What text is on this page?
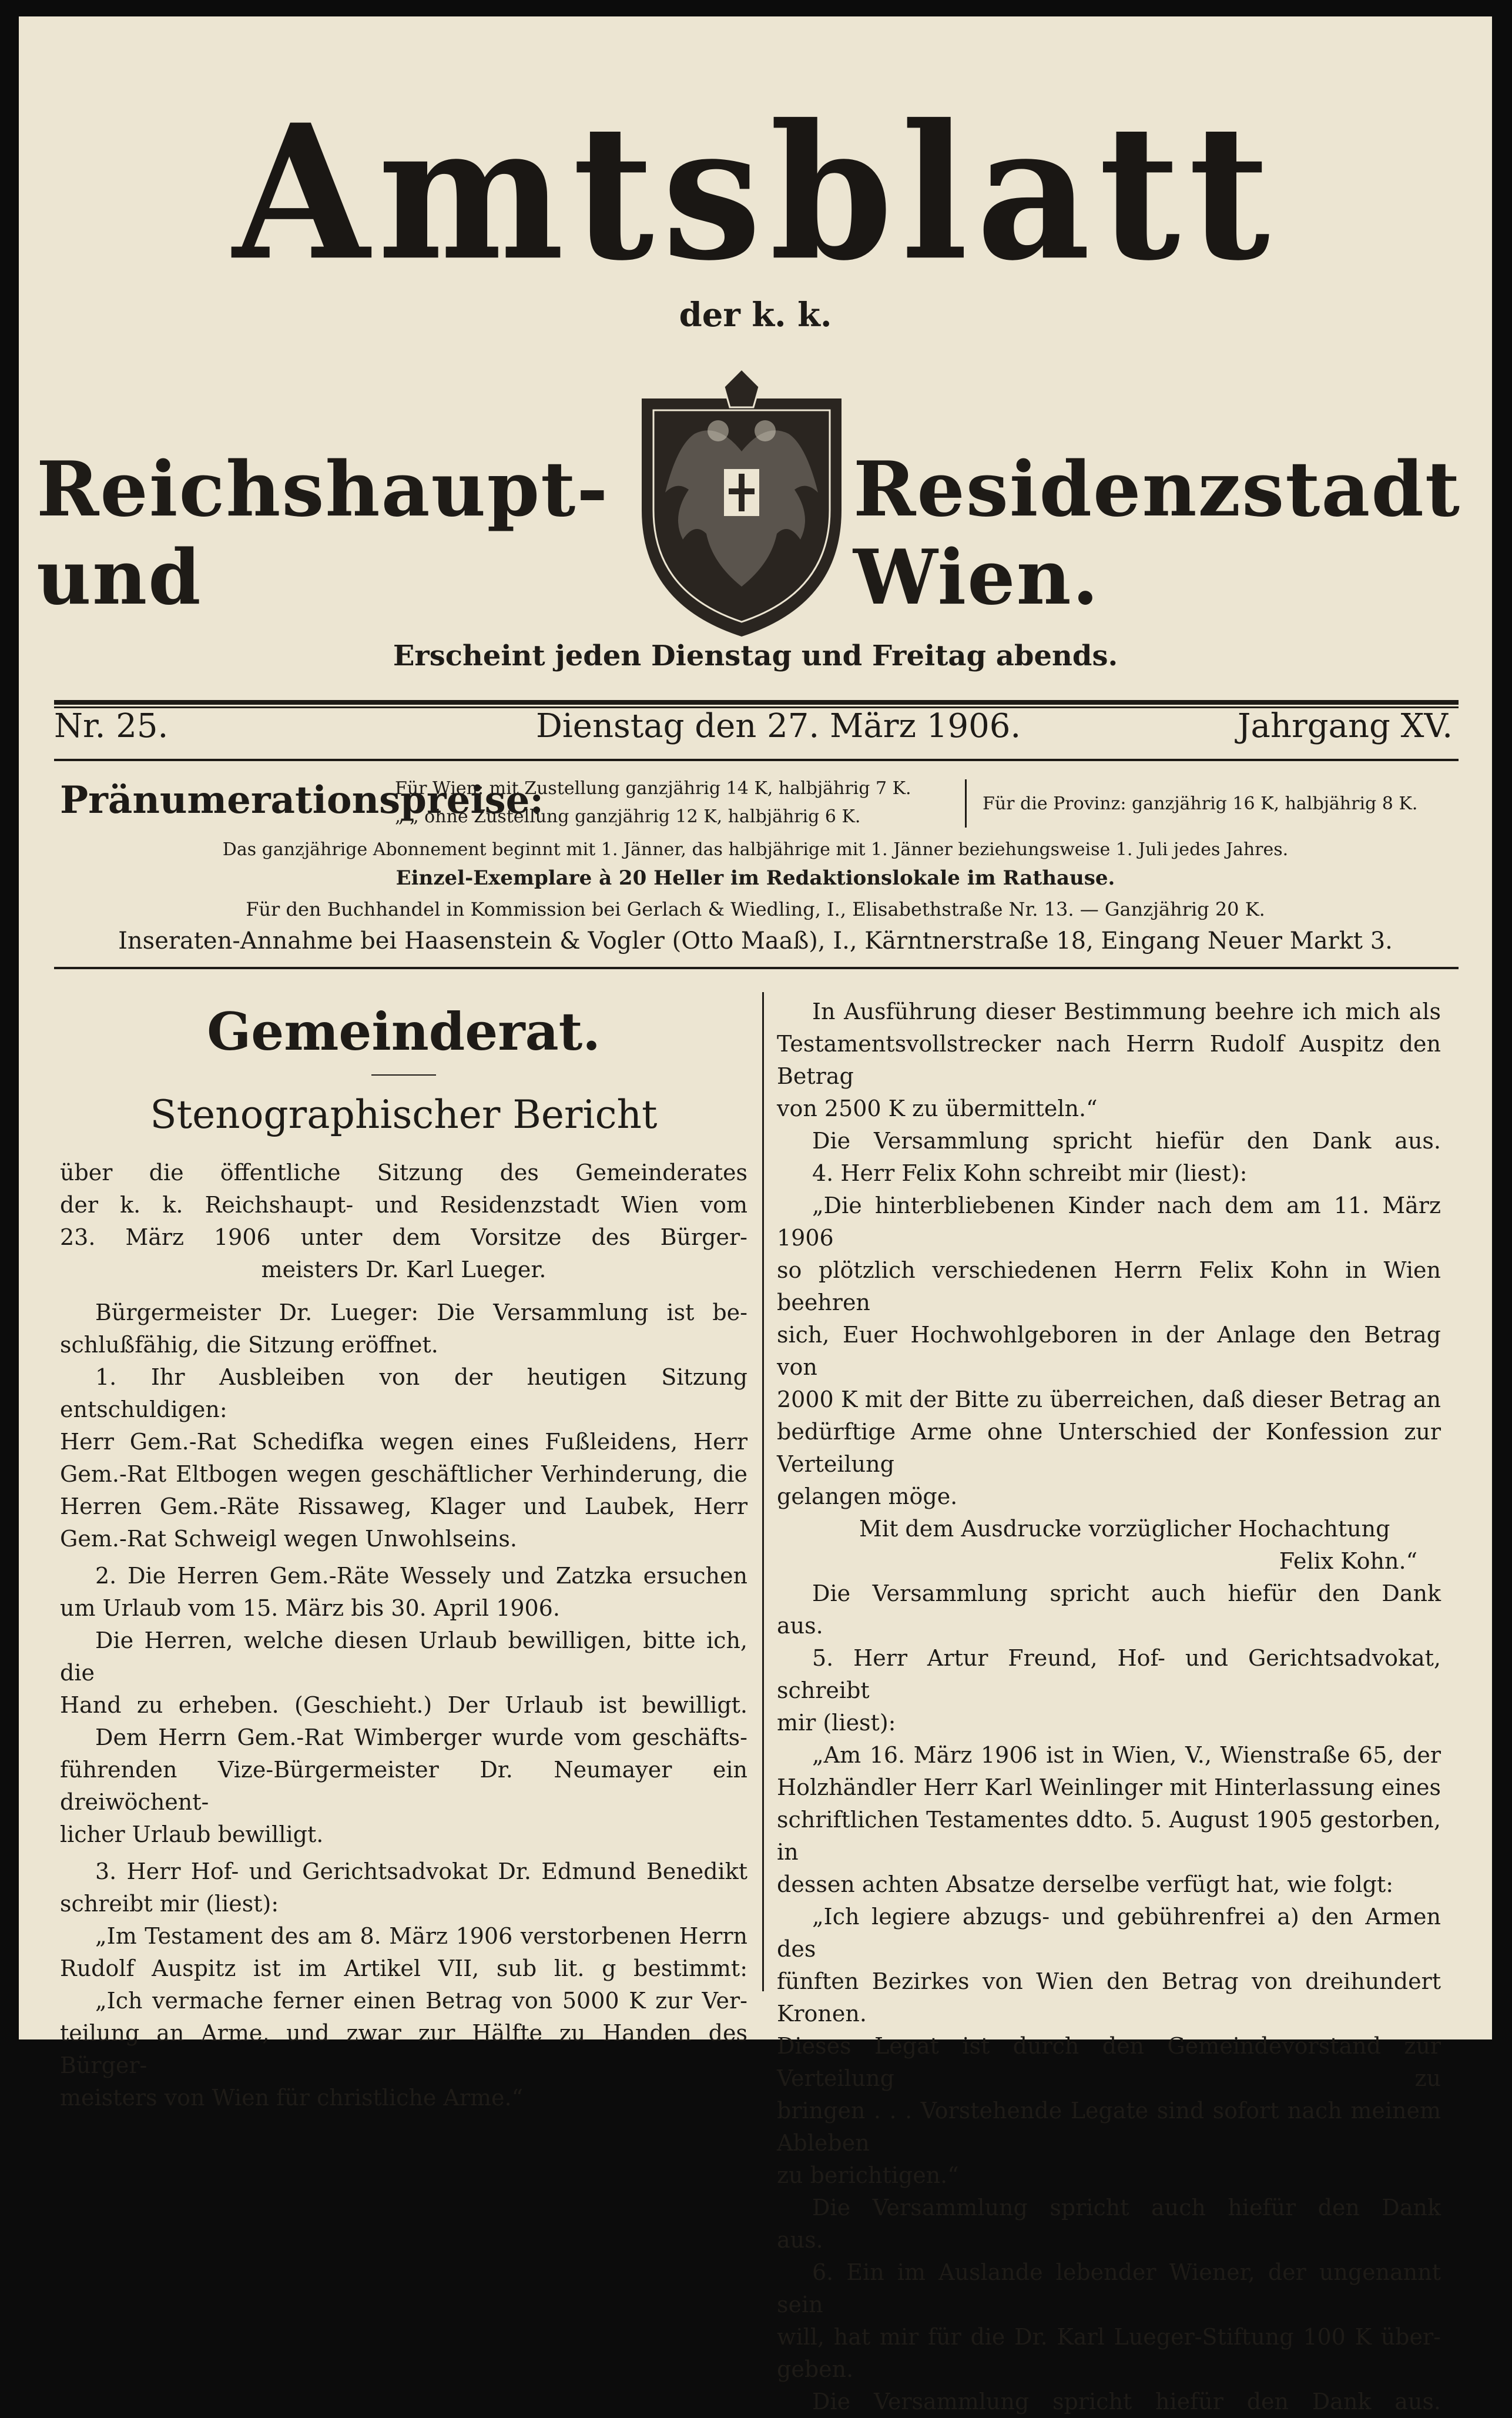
Amtsblatt
der k. k.
Reichshaupt- und
Residenzstadt Wien.
Erscheint jeden Dienstag und Freitag abends.
Nr. 25.	Dienstag den 27. März 1906.	Jahrgang XV.
Pränumerationspreise:
Für Wien: mit Zustellung ganzjährig 14 K, halbjährig 7 K.
„ „ ohne Zustellung ganzjährig 12 K, halbjährig 6 K.
Für die Provinz: ganzjährig 16 K, halbjährig 8 K.
Das ganzjährige Abonnement beginnt mit 1. Jänner, das halbjährige mit 1. Jänner beziehungsweise 1. Juli jedes Jahres.
Einzel-Exemplare à 20 Heller im Redaktionslokale im Rathause.
Für den Buchhandel in Kommission bei Gerlach & Wiedling, I., Elisabethstraße Nr. 13. — Ganzjährig 20 K.
Inseraten-Annahme bei Haasenstein & Vogler (Otto Maaß), I., Kärntnerstraße 18, Eingang Neuer Markt 3.
Gemeinderat.
Stenographischer Bericht

über die öffentliche Sitzung des Gemeinderates

der k. k. Reichshaupt- und Residenzstadt Wien vom

23. März 1906 unter dem Vorsitze des Bürger-

meisters Dr. Karl Lueger.

Bürgermeister Dr. Lueger: Die Versammlung ist be-

schlußfähig, die Sitzung eröffnet.

1. Ihr Ausbleiben von der heutigen Sitzung entschuldigen:

Herr Gem.-Rat Schedifka wegen eines Fußleidens, Herr

Gem.-Rat Eltbogen wegen geschäftlicher Verhinderung, die

Herren Gem.-Räte Rissaweg, Klager und Laubek, Herr

Gem.-Rat Schweigl wegen Unwohlseins.

2. Die Herren Gem.-Räte Wessely und Zatzka ersuchen

um Urlaub vom 15. März bis 30. April 1906.

Die Herren, welche diesen Urlaub bewilligen, bitte ich, die

Hand zu erheben. (Geschieht.) Der Urlaub ist bewilligt.

Dem Herrn Gem.-Rat Wimberger wurde vom geschäfts-

führenden Vize-Bürgermeister Dr. Neumayer ein dreiwöchent-

licher Urlaub bewilligt.

3. Herr Hof- und Gerichtsadvokat Dr. Edmund Benedikt

schreibt mir (liest):

„Im Testament des am 8. März 1906 verstorbenen Herrn

Rudolf Auspitz ist im Artikel VII, sub lit. g bestimmt:

„Ich vermache ferner einen Betrag von 5000 K zur Ver-

teilung an Arme, und zwar zur Hälfte zu Handen des Bürger-

meisters von Wien für christliche Arme.“

In Ausführung dieser Bestimmung beehre ich mich als

Testamentsvollstrecker nach Herrn Rudolf Auspitz den Betrag

von 2500 K zu übermitteln.“

Die Versammlung spricht hiefür den Dank aus.

4. Herr Felix Kohn schreibt mir (liest):

„Die hinterbliebenen Kinder nach dem am 11. März 1906

so plötzlich verschiedenen Herrn Felix Kohn in Wien beehren

sich, Euer Hochwohlgeboren in der Anlage den Betrag von

2000 K mit der Bitte zu überreichen, daß dieser Betrag an

bedürftige Arme ohne Unterschied der Konfession zur Verteilung

gelangen möge.

Mit dem Ausdrucke vorzüglicher Hochachtung

Felix Kohn.“

Die Versammlung spricht auch hiefür den Dank

aus.

5. Herr Artur Freund, Hof- und Gerichtsadvokat, schreibt

mir (liest):

„Am 16. März 1906 ist in Wien, V., Wienstraße 65, der

Holzhändler Herr Karl Weinlinger mit Hinterlassung eines

schriftlichen Testamentes ddto. 5. August 1905 gestorben, in

dessen achten Absatze derselbe verfügt hat, wie folgt:

„Ich legiere abzugs- und gebührenfrei a) den Armen des

fünften Bezirkes von Wien den Betrag von dreihundert Kronen.

Dieses Legat ist durch den Gemeindevorstand zur Verteilung zu

bringen . . . Vorstehende Legate sind sofort nach meinem Ableben

zu berichtigen.“

Die Versammlung spricht auch hiefür den Dank

aus.

6. Ein im Auslande lebender Wiener, der ungenannt sein

will, hat mir für die Dr. Karl Lueger-Stiftung 100 K über-

geben.

Die Versammlung spricht hiefür den Dank aus.
